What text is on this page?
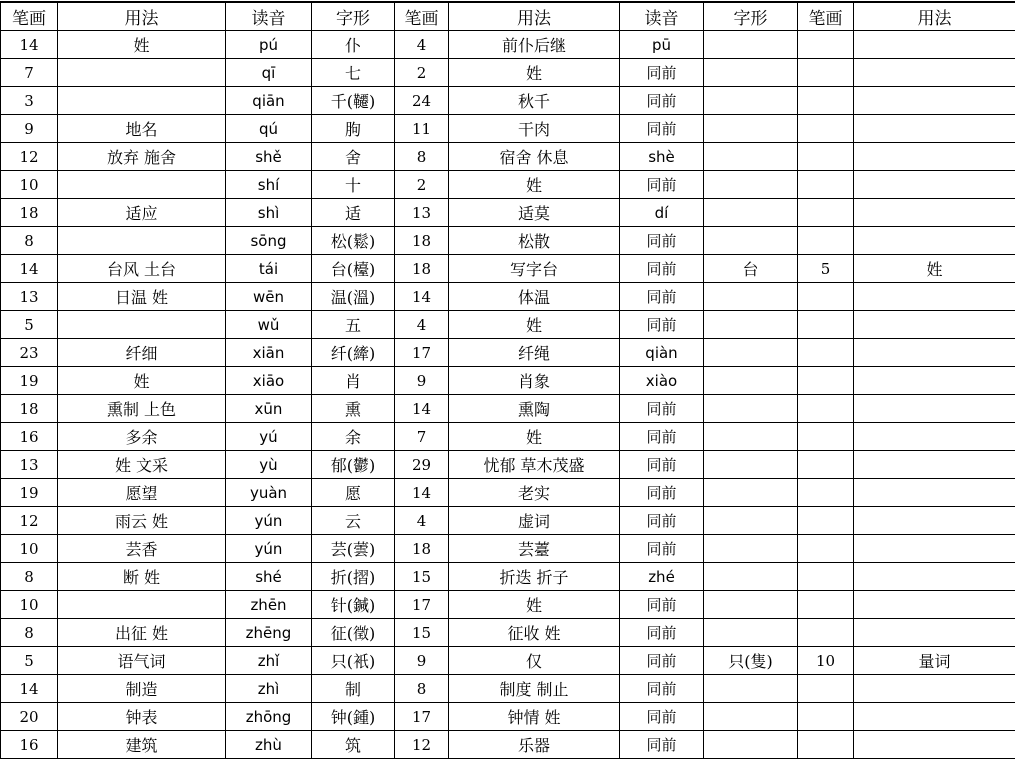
笔画	用法	读音	字形	笔画	用法	读音	字形	笔画	用法
14	姓	pú	仆	4	前仆后继	pū			
7		qī	七	2	姓	同前			
3		qiān	千(韆)	24	秋千	同前			
9	地名	qú	朐	11	干肉	同前			
12	放弃 施舍	shě	舍	8	宿舍 休息	shè			
10		shí	十	2	姓	同前			
18	适应	shì	适	13	适莫	dí			
8		sōng	松(鬆)	18	松散	同前			
14	台风 土台	tái	台(檯)	18	写字台	同前	台	5	姓
13	日温 姓	wēn	温(溫)	14	体温	同前			
5		wǔ	五	4	姓	同前			
23	纤细	xiān	纤(縴)	17	纤绳	qiàn			
19	姓	xiāo	肖	9	肖象	xiào			
18	熏制 上色	xūn	熏	14	熏陶	同前			
16	多余	yú	余	7	姓	同前			
13	姓 文采	yù	郁(鬱)	29	忧郁 草木茂盛	同前			
19	愿望	yuàn	愿	14	老实	同前			
12	雨云 姓	yún	云	4	虚词	同前			
10	芸香	yún	芸(蕓)	18	芸薹	同前			
8	断 姓	shé	折(摺)	15	折迭 折子	zhé			
10		zhēn	针(鍼)	17	姓	同前			
8	出征 姓	zhēng	征(徵)	15	征收 姓	同前			
5	语气词	zhǐ	只(衹)	9	仅	同前	只(隻)	10	量词
14	制造	zhì	制	8	制度 制止	同前			
20	钟表	zhōng	钟(鍾)	17	钟情 姓	同前			
16	建筑	zhù	筑	12	乐器	同前			
